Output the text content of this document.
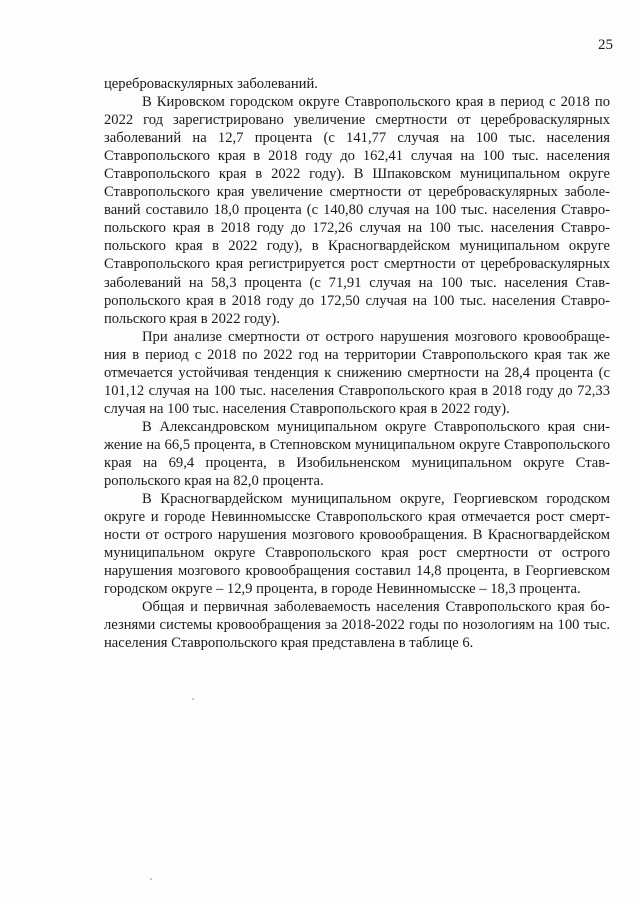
25

цереброваскулярных заболеваний.

В Кировском городском округе Ставропольского края в период с 2018 по 2022 год зарегистрировано увеличение смертности от цереброваскулярных заболеваний на 12,7 процента (с 141,77 случая на 100 тыс. населения Ставропольского края в 2018 году до 162,41 случая на 100 тыс. населения Ставропольского края в 2022 году). В Шпаковском муниципальном округе Ставропольского края увеличение смертности от цереброваскулярных заболеваний составило 18,0 процента (с 140,80 случая на 100 тыс. населения Ставропольского края в 2018 году до 172,26 случая на 100 тыс. населения Ставропольского края в 2022 году), в Красногвардейском муниципальном округе Ставропольского края регистрируется рост смертности от цереброваскулярных заболеваний на 58,3 процента (с 71,91 случая на 100 тыс. населения Ставропольского края в 2018 году до 172,50 случая на 100 тыс. населения Ставропольского края в 2022 году).

При анализе смертности от острого нарушения мозгового кровообращения в период с 2018 по 2022 год на территории Ставропольского края так же отмечается устойчивая тенденция к снижению смертности на 28,4 процента (с 101,12 случая на 100 тыс. населения Ставропольского края в 2018 году до 72,33 случая на 100 тыс. населения Ставропольского края в 2022 году).

В Александровском муниципальном округе Ставропольского края снижение на 66,5 процента, в Степновском муниципальном округе Ставропольского края на 69,4 процента, в Изобильненском муниципальном округе Ставропольского края на 82,0 процента.

В Красногвардейском муниципальном округе, Георгиевском городском округе и городе Невинномысске Ставропольского края отмечается рост смертности от острого нарушения мозгового кровообращения. В Красногвардейском муниципальном округе Ставропольского края рост смертности от острого нарушения мозгового кровообращения составил 14,8 процента, в Георгиевском городском округе – 12,9 процента, в городе Невинномысске – 18,3 процента.

Общая и первичная заболеваемость населения Ставропольского края болезнями системы кровообращения за 2018-2022 годы по нозологиям на 100 тыс. населения Ставропольского края представлена в таблице 6.
